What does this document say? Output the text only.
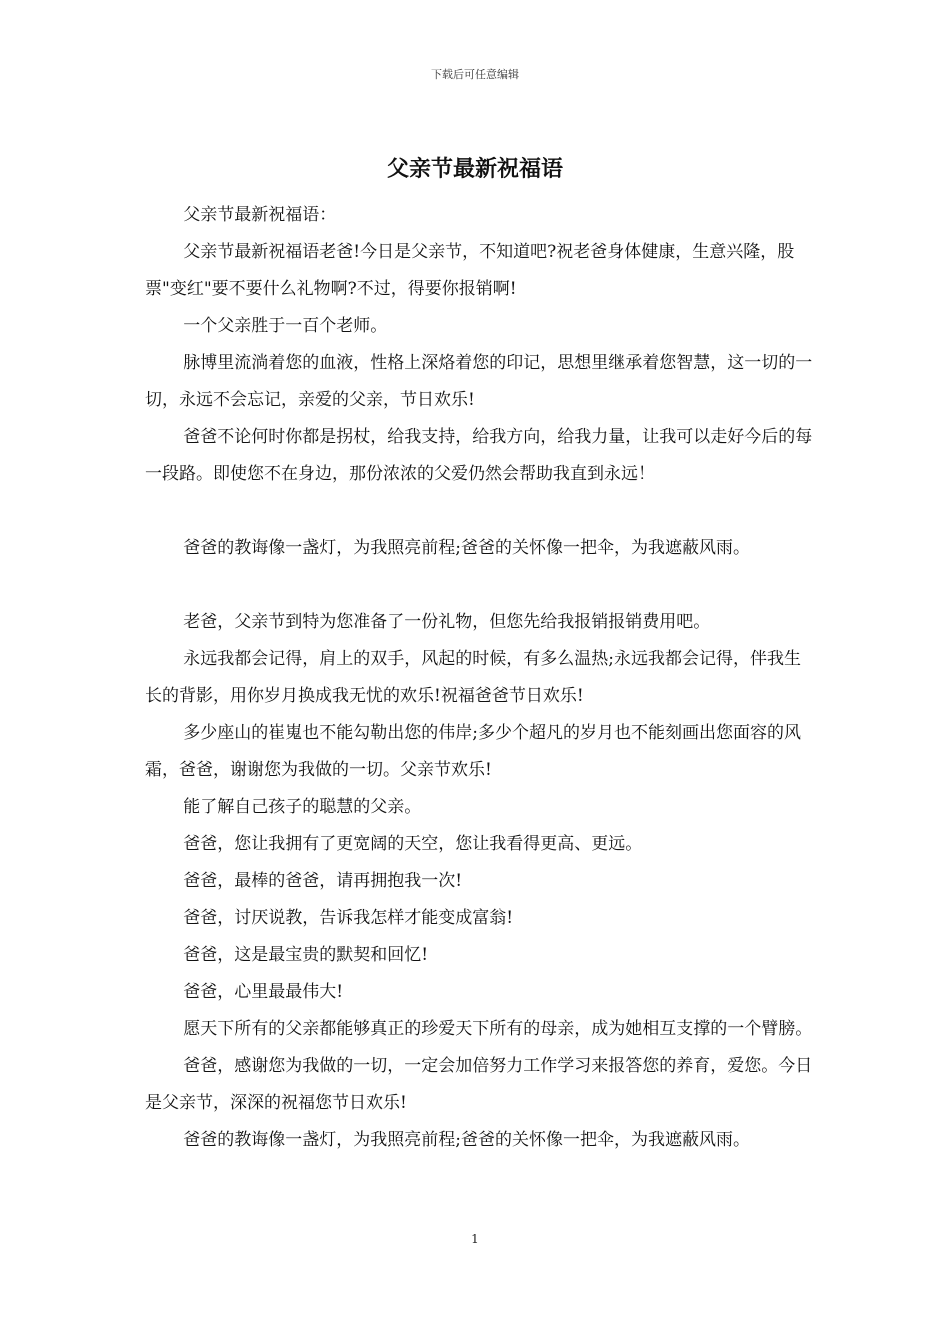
下载后可任意编辑
父亲节最新祝福语

父亲节最新祝福语：

父亲节最新祝福语老爸!今日是父亲节，不知道吧?祝老爸身体健康，生意兴隆，股票"变红"要不要什么礼物啊?不过，得要你报销啊!

一个父亲胜于一百个老师。

脉博里流淌着您的血液，性格上深烙着您的印记，思想里继承着您智慧，这一切的一切，永远不会忘记，亲爱的父亲，节日欢乐!

爸爸不论何时你都是拐杖，给我支持，给我方向，给我力量，让我可以走好今后的每一段路。即使您不在身边，那份浓浓的父爱仍然会帮助我直到永远！

爸爸的教诲像一盏灯，为我照亮前程;爸爸的关怀像一把伞，为我遮蔽风雨。

老爸，父亲节到特为您准备了一份礼物，但您先给我报销报销费用吧。

永远我都会记得，肩上的双手，风起的时候，有多么温热;永远我都会记得，伴我生长的背影，用你岁月换成我无忧的欢乐!祝福爸爸节日欢乐!

多少座山的崔嵬也不能勾勒出您的伟岸;多少个超凡的岁月也不能刻画出您面容的风霜，爸爸，谢谢您为我做的一切。父亲节欢乐!

能了解自己孩子的聪慧的父亲。

爸爸，您让我拥有了更宽阔的天空，您让我看得更高、更远。

爸爸，最棒的爸爸，请再拥抱我一次!

爸爸，讨厌说教，告诉我怎样才能变成富翁!

爸爸，这是最宝贵的默契和回忆!

爸爸，心里最最伟大!

愿天下所有的父亲都能够真正的珍爱天下所有的母亲，成为她相互支撑的一个臂膀。

爸爸，感谢您为我做的一切，一定会加倍努力工作学习来报答您的养育，爱您。今日是父亲节，深深的祝福您节日欢乐!

爸爸的教诲像一盏灯，为我照亮前程;爸爸的关怀像一把伞，为我遮蔽风雨。

1
